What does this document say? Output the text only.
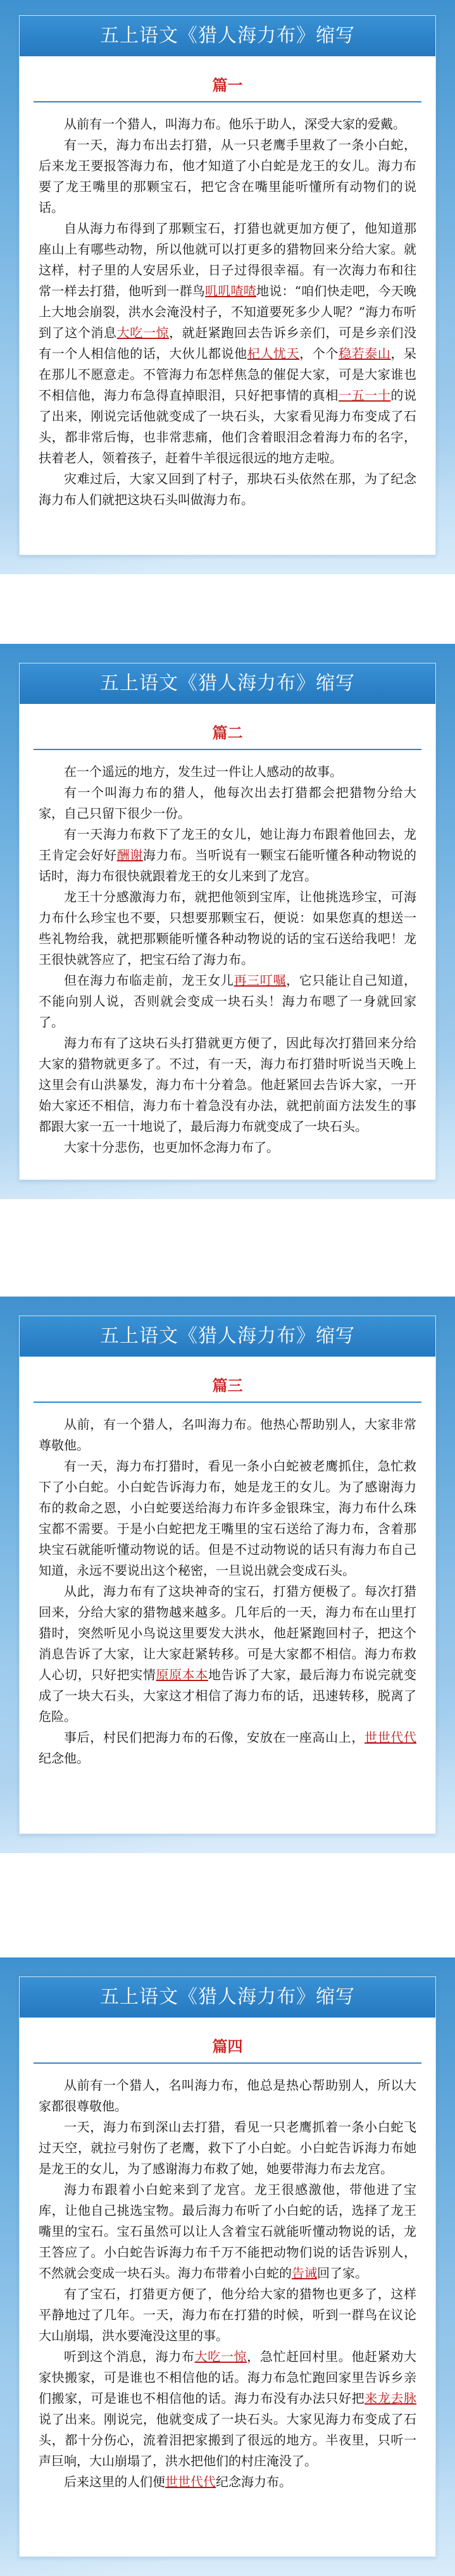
五上语文《猎人海力布》缩写
篇一

从前有一个猎人，叫海力布。他乐于助人，深受大家的爱戴。

有一天，海力布出去打猎，从一只老鹰手里救了一条小白蛇，后来龙王要报答海力布，他才知道了小白蛇是龙王的女儿。海力布要了龙王嘴里的那颗宝石，把它含在嘴里能听懂所有动物们的说话。

自从海力布得到了那颗宝石，打猎也就更加方便了，他知道那座山上有哪些动物，所以他就可以打更多的猎物回来分给大家。就这样，村子里的人安居乐业，日子过得很幸福。有一次海力布和往常一样去打猎，他听到一群鸟叽叽喳喳地说：“咱们快走吧，今天晚上大地会崩裂，洪水会淹没村子，不知道要死多少人呢？”海力布听到了这个消息大吃一惊，就赶紧跑回去告诉乡亲们，可是乡亲们没有一个人相信他的话，大伙儿都说他杞人忧天，个个稳若泰山，呆在那儿不愿意走。不管海力布怎样焦急的催促大家，可是大家谁也不相信他，海力布急得直掉眼泪，只好把事情的真相一五一十的说了出来，刚说完话他就变成了一块石头，大家看见海力布变成了石头，都非常后悔，也非常悲痛，他们含着眼泪念着海力布的名字，扶着老人，领着孩子，赶着牛羊很远很远的地方走啦。

灾难过后，大家又回到了村子，那块石头依然在那，为了纪念海力布人们就把这块石头叫做海力布。

五上语文《猎人海力布》缩写
篇二

在一个遥远的地方，发生过一件让人感动的故事。

有一个叫海力布的猎人，他每次出去打猎都会把猎物分给大家，自己只留下很少一份。

有一天海力布救下了龙王的女儿，她让海力布跟着他回去，龙王肯定会好好酬谢海力布。当听说有一颗宝石能听懂各种动物说的话时，海力布很快就跟着龙王的女儿来到了龙宫。

龙王十分感激海力布，就把他领到宝库，让他挑选珍宝，可海力布什么珍宝也不要，只想要那颗宝石，便说：如果您真的想送一些礼物给我，就把那颗能听懂各种动物说的话的宝石送给我吧！龙王很快就答应了，把宝石给了海力布。

但在海力布临走前，龙王女儿再三叮嘱，它只能让自己知道，不能向别人说，否则就会变成一块石头！海力布嗯了一身就回家了。

海力布有了这块石头打猎就更方便了，因此每次打猎回来分给大家的猎物就更多了。不过，有一天，海力布打猎时听说当天晚上这里会有山洪暴发，海力布十分着急。他赶紧回去告诉大家，一开始大家还不相信，海力布十着急没有办法，就把前面方法发生的事都跟大家一五一十地说了，最后海力布就变成了一块石头。

大家十分悲伤，也更加怀念海力布了。

五上语文《猎人海力布》缩写
篇三

从前，有一个猎人，名叫海力布。他热心帮助别人，大家非常尊敬他。

有一天，海力布打猎时，看见一条小白蛇被老鹰抓住，急忙救下了小白蛇。小白蛇告诉海力布，她是龙王的女儿。为了感谢海力布的救命之恩，小白蛇要送给海力布许多金银珠宝，海力布什么珠宝都不需要。于是小白蛇把龙王嘴里的宝石送给了海力布，含着那块宝石就能听懂动物说的话。但是不过动物说的话只有海力布自己知道，永远不要说出这个秘密，一旦说出就会变成石头。

从此，海力布有了这块神奇的宝石，打猎方便极了。每次打猎回来，分给大家的猎物越来越多。几年后的一天，海力布在山里打猎时，突然听见小鸟说这里要发大洪水，他赶紧跑回村子，把这个消息告诉了大家，让大家赶紧转移。可是大家都不相信。海力布救人心切，只好把实情原原本本地告诉了大家，最后海力布说完就变成了一块大石头，大家这才相信了海力布的话，迅速转移，脱离了危险。

事后，村民们把海力布的石像，安放在一座高山上，世世代代纪念他。

五上语文《猎人海力布》缩写
篇四

从前有一个猎人，名叫海力布，他总是热心帮助别人，所以大家都很尊敬他。

一天，海力布到深山去打猎，看见一只老鹰抓着一条小白蛇飞过天空，就拉弓射伤了老鹰，救下了小白蛇。小白蛇告诉海力布她是龙王的女儿，为了感谢海力布救了她，她要带海力布去龙宫。

海力布跟着小白蛇来到了龙宫。龙王很感激他，带他进了宝库，让他自己挑选宝物。最后海力布听了小白蛇的话，选择了龙王嘴里的宝石。宝石虽然可以让人含着宝石就能听懂动物说的话，龙王答应了。小白蛇告诉海力布千万不能把动物们说的话告诉别人，不然就会变成一块石头。海力布带着小白蛇的告诫回了家。

有了宝石，打猎更方便了，他分给大家的猎物也更多了，这样平静地过了几年。一天，海力布在打猎的时候，听到一群鸟在议论大山崩塌，洪水要淹没这里的事。

听到这个消息，海力布大吃一惊，急忙赶回村里。他赶紧劝大家快搬家，可是谁也不相信他的话。海力布急忙跑回家里告诉乡亲们搬家，可是谁也不相信他的话。海力布没有办法只好把来龙去脉说了出来。刚说完，他就变成了一块石头。大家见海力布变成了石头，都十分伤心，流着泪把家搬到了很远的地方。半夜里，只听一声巨响，大山崩塌了，洪水把他们的村庄淹没了。

后来这里的人们便世世代代纪念海力布。
